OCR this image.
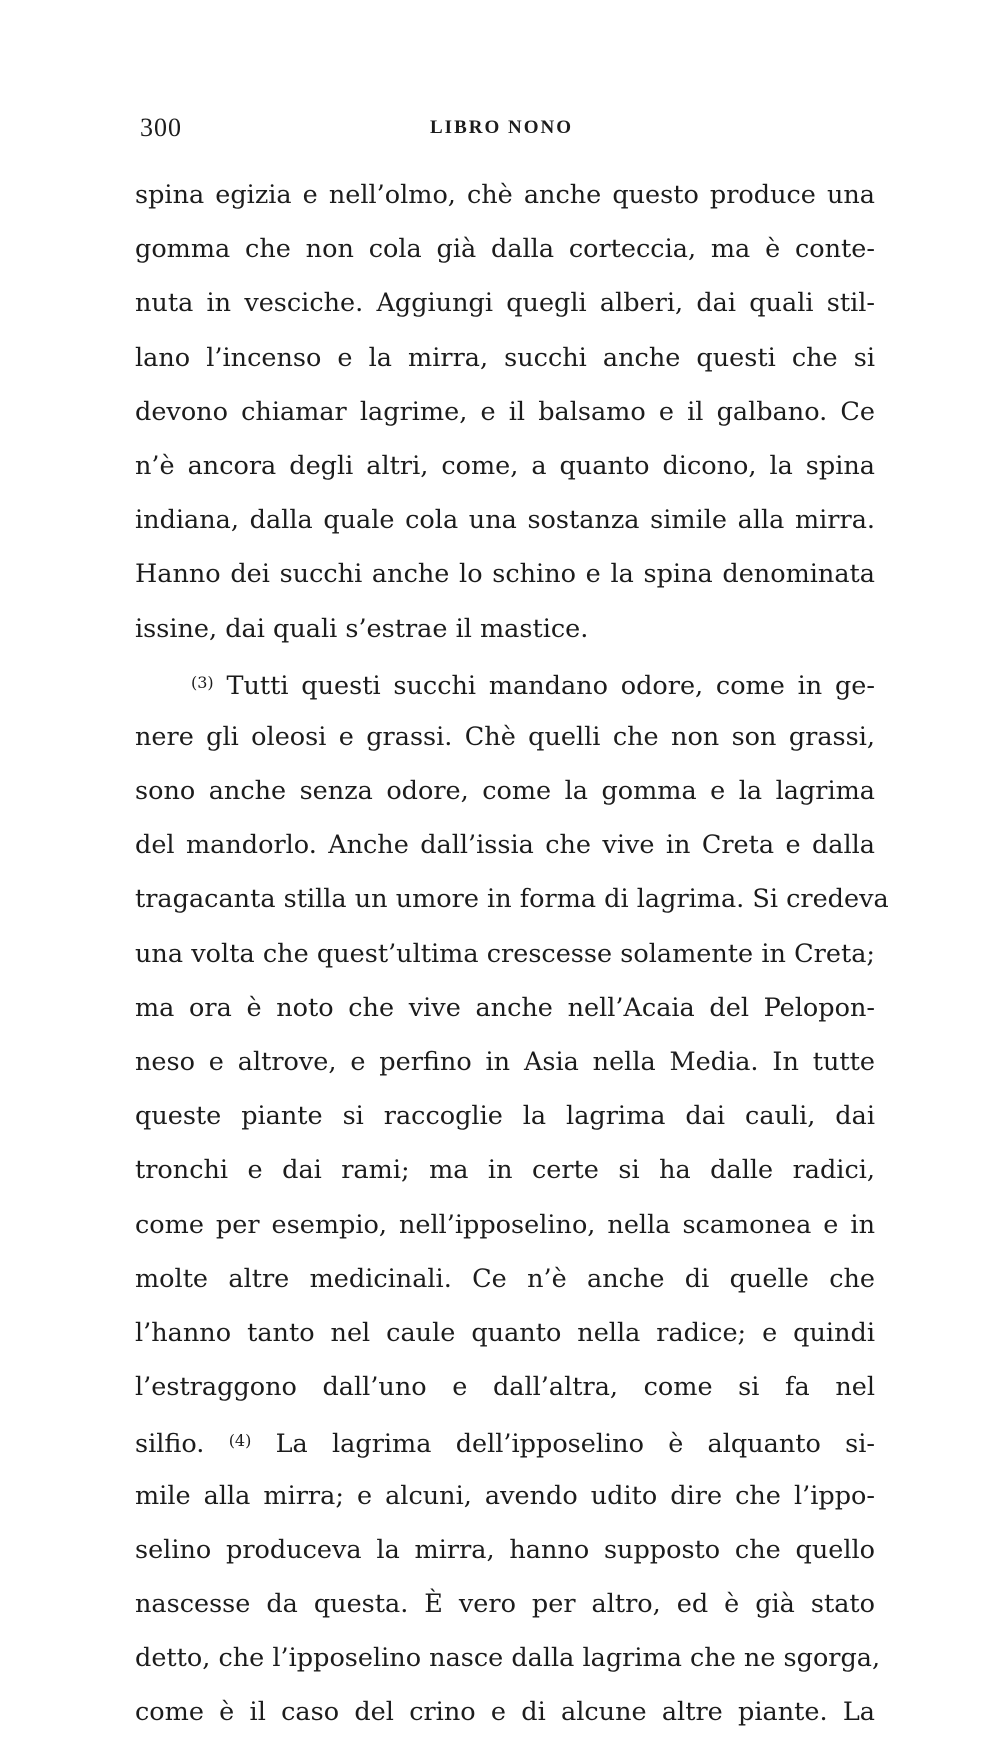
300	LIBRO NONO
spina egizia e nell’olmo, chè anche questo produce una
gomma che non cola già dalla corteccia, ma è conte-
nuta in vesciche. Aggiungi quegli alberi, dai quali stil-
lano l’incenso e la mirra, succhi anche questi che si
devono chiamar lagrime, e il balsamo e il galbano. Ce
n’è ancora degli altri, come, a quanto dicono, la spina
indiana, dalla quale cola una sostanza simile alla mirra.
Hanno dei succhi anche lo schino e la spina denominata
issine, dai quali s’estrae il mastice.
$^{(3)}$ Tutti questi succhi mandano odore, come in ge-
nere gli oleosi e grassi. Chè quelli che non son grassi,
sono anche senza odore, come la gomma e la lagrima
del mandorlo. Anche dall’issia che vive in Creta e dalla
tragacanta stilla un umore in forma di lagrima. Si credeva
una volta che quest’ultima crescesse solamente in Creta;
ma ora è noto che vive anche nell’Acaia del Pelopon-
neso e altrove, e perfino in Asia nella Media. In tutte
queste piante si raccoglie la lagrima dai cauli, dai
tronchi e dai rami; ma in certe si ha dalle radici,
come per esempio, nell’ipposelino, nella scamonea e in
molte altre medicinali. Ce n’è anche di quelle che
l’hanno tanto nel caule quanto nella radice; e quindi
l’estraggono dall’uno e dall’altra, come si fa nel
silfio. $^{(4)}$ La lagrima dell’ipposelino è alquanto si-
mile alla mirra; e alcuni, avendo udito dire che l’ippo-
selino produceva la mirra, hanno supposto che quello
nascesse da questa. È vero per altro, ed è già stato
detto, che l’ipposelino nasce dalla lagrima che ne sgorga,
come è il caso del crino e di alcune altre piante. La
